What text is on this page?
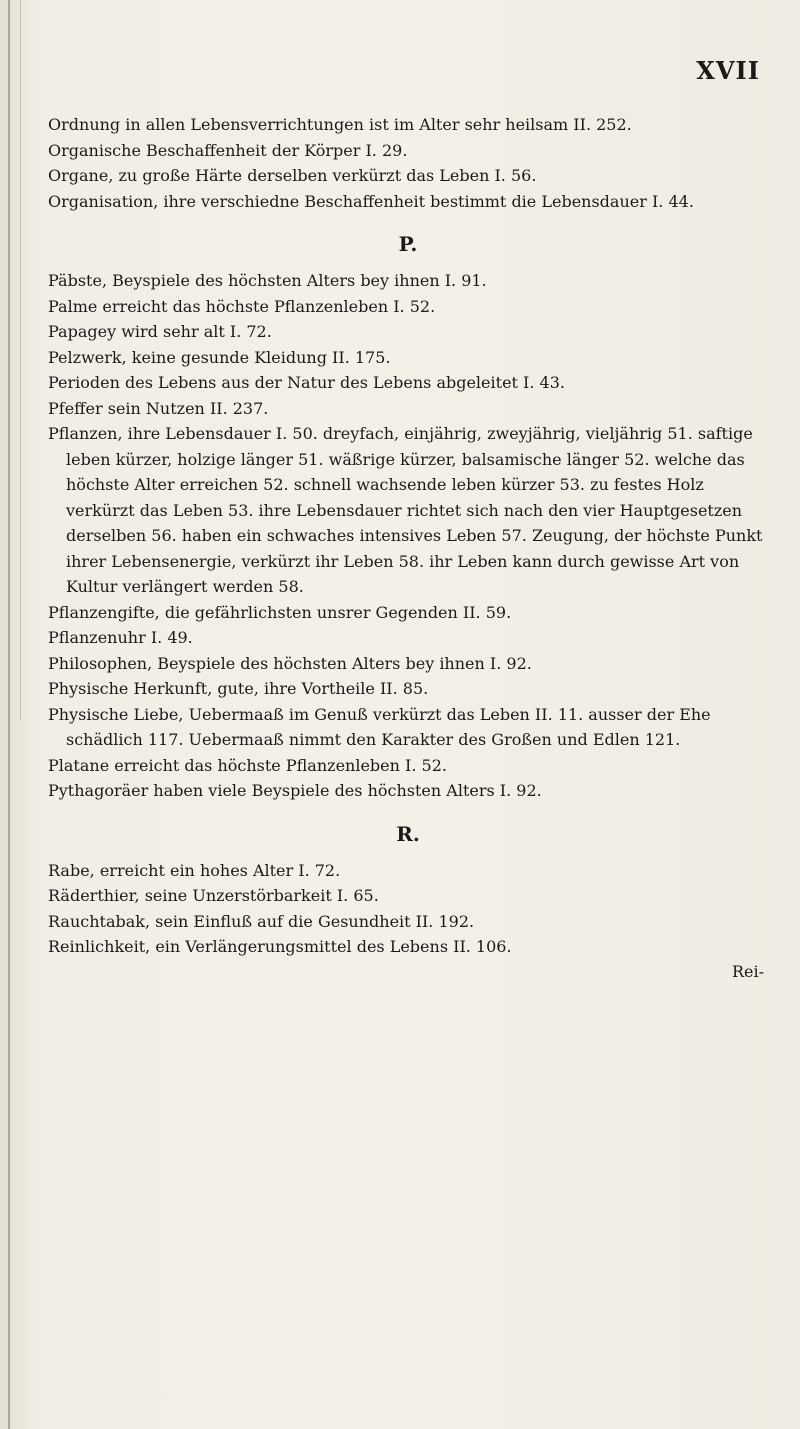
XVII

Ordnung in allen Lebensverrichtungen ist im Alter sehr heilsam II. 252.

Organische Beschaffenheit der Körper I. 29.

Organe, zu große Härte derselben verkürzt das Leben I. 56.

Organisation, ihre verschiedne Beschaffenheit bestimmt die Lebensdauer I. 44.

P.

Päbste, Beyspiele des höchsten Alters bey ihnen I. 91.

Palme erreicht das höchste Pflanzenleben I. 52.

Papagey wird sehr alt I. 72.

Pelzwerk, keine gesunde Kleidung II. 175.

Perioden des Lebens aus der Natur des Lebens abgeleitet I. 43.

Pfeffer sein Nutzen II. 237.

Pflanzen, ihre Lebensdauer I. 50. dreyfach, einjährig, zweyjährig, vieljährig 51. saftige leben kürzer, holzige länger 51. wäßrige kürzer, balsamische länger 52. welche das höchste Alter erreichen 52. schnell wachsende leben kürzer 53. zu festes Holz verkürzt das Leben 53. ihre Lebensdauer richtet sich nach den vier Hauptgesetzen derselben 56. haben ein schwaches intensives Leben 57. Zeugung, der höchste Punkt ihrer Lebensenergie, verkürzt ihr Leben 58. ihr Leben kann durch gewisse Art von Kultur verlängert werden 58.

Pflanzengifte, die gefährlichsten unsrer Gegenden II. 59.

Pflanzenuhr I. 49.

Philosophen, Beyspiele des höchsten Alters bey ihnen I. 92.

Physische Herkunft, gute, ihre Vortheile II. 85.

Physische Liebe, Uebermaaß im Genuß verkürzt das Leben II. 11. ausser der Ehe schädlich 117. Uebermaaß nimmt den Karakter des Großen und Edlen 121.

Platane erreicht das höchste Pflanzenleben I. 52.

Pythagoräer haben viele Beyspiele des höchsten Alters I. 92.

R.

Rabe, erreicht ein hohes Alter I. 72.

Räderthier, seine Unzerstörbarkeit I. 65.

Rauchtabak, sein Einfluß auf die Gesundheit II. 192.

Reinlichkeit, ein Verlängerungsmittel des Lebens II. 106.

Rei-
